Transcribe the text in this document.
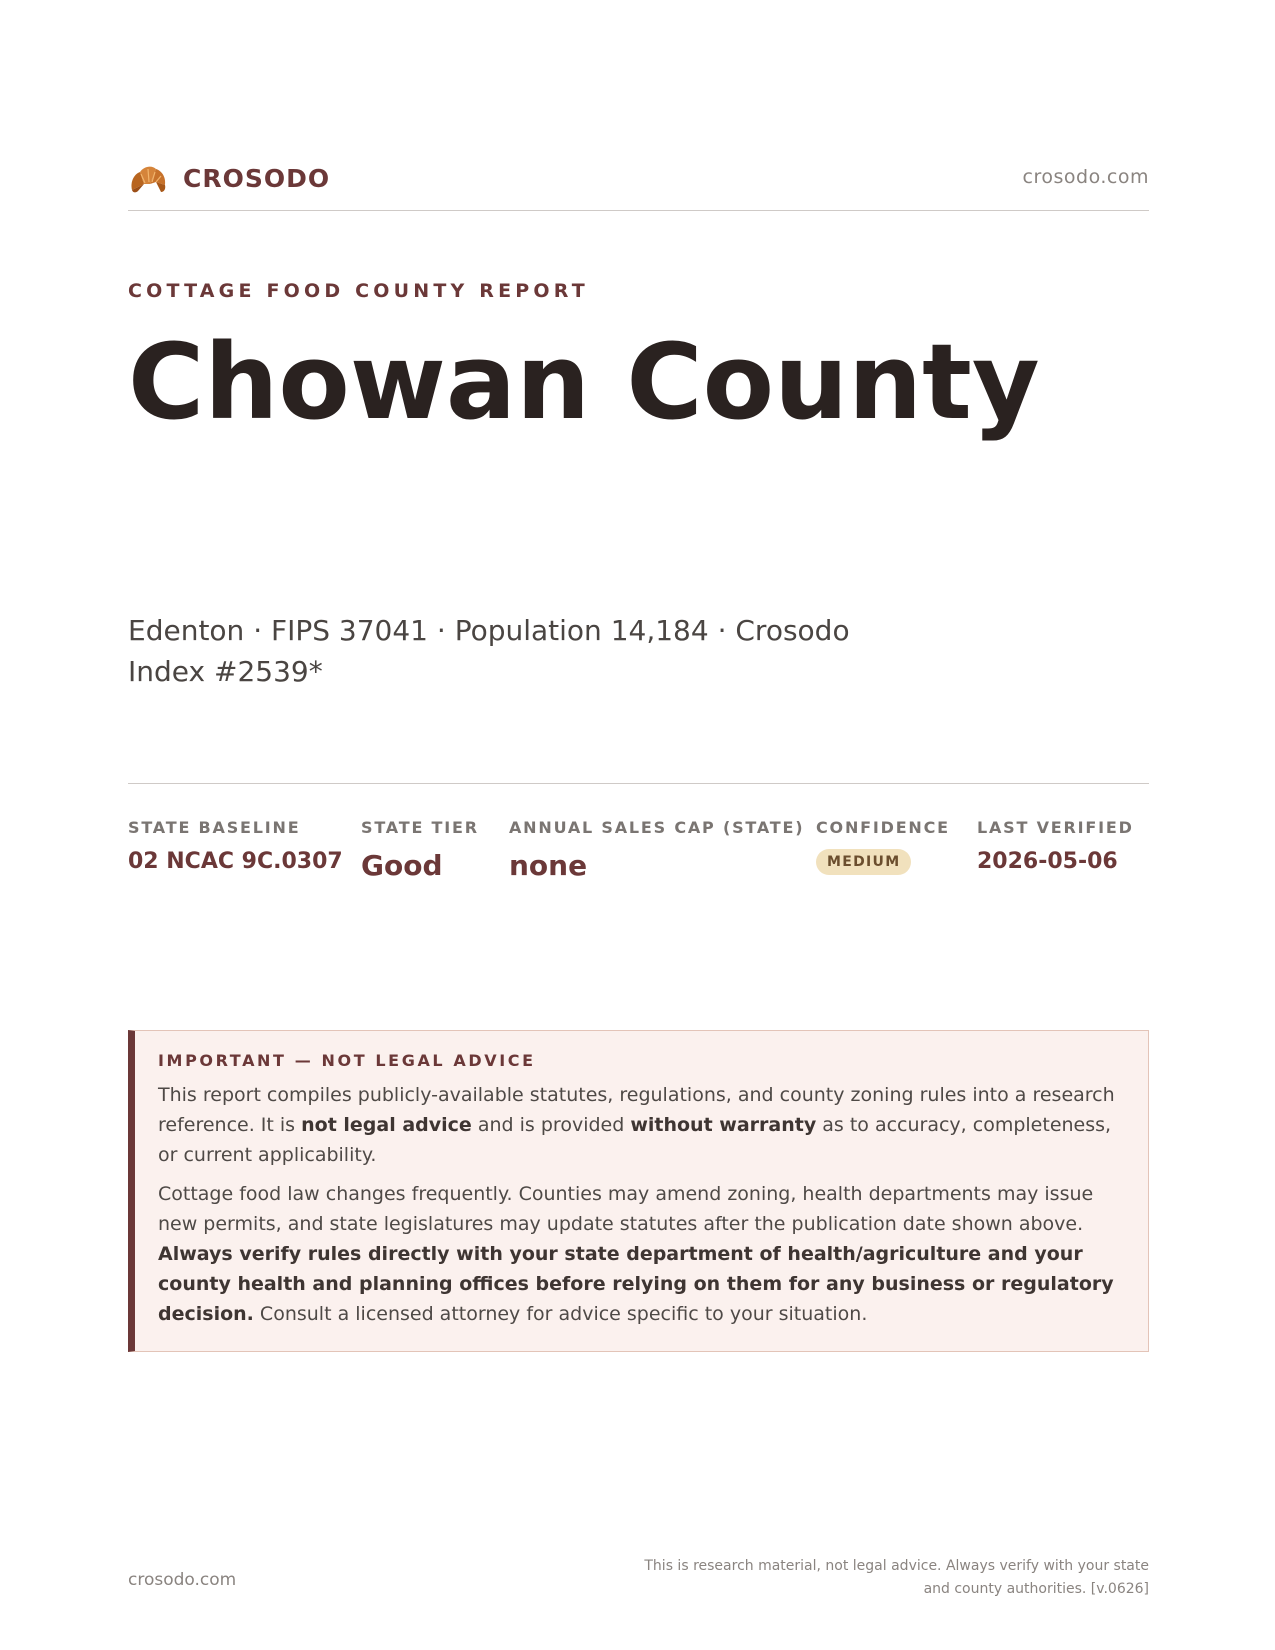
CROSODO	crosodo.com
COTTAGE FOOD COUNTY REPORT
Chowan County

Edenton · FIPS 37041 · Population 14,184 · Crosodo Index #2539*

STATE BASELINE
02 NCAC 9C.0307
STATE TIER
Good
ANNUAL SALES CAP (STATE)
none
CONFIDENCE
MEDIUM
LAST VERIFIED
2026-05-06
IMPORTANT — NOT LEGAL ADVICE

This report compiles publicly-available statutes, regulations, and county zoning rules into a research reference. It is not legal advice and is provided without warranty as to accuracy, completeness, or current applicability.

Cottage food law changes frequently. Counties may amend zoning, health departments may issue new permits, and state legislatures may update statutes after the publication date shown above. Always verify rules directly with your state department of health/agriculture and your county health and planning offices before relying on them for any business or regulatory decision. Consult a licensed attorney for advice specific to your situation.

crosodo.com
This is research material, not legal advice. Always verify with your state
and county authorities. [v.0626]
